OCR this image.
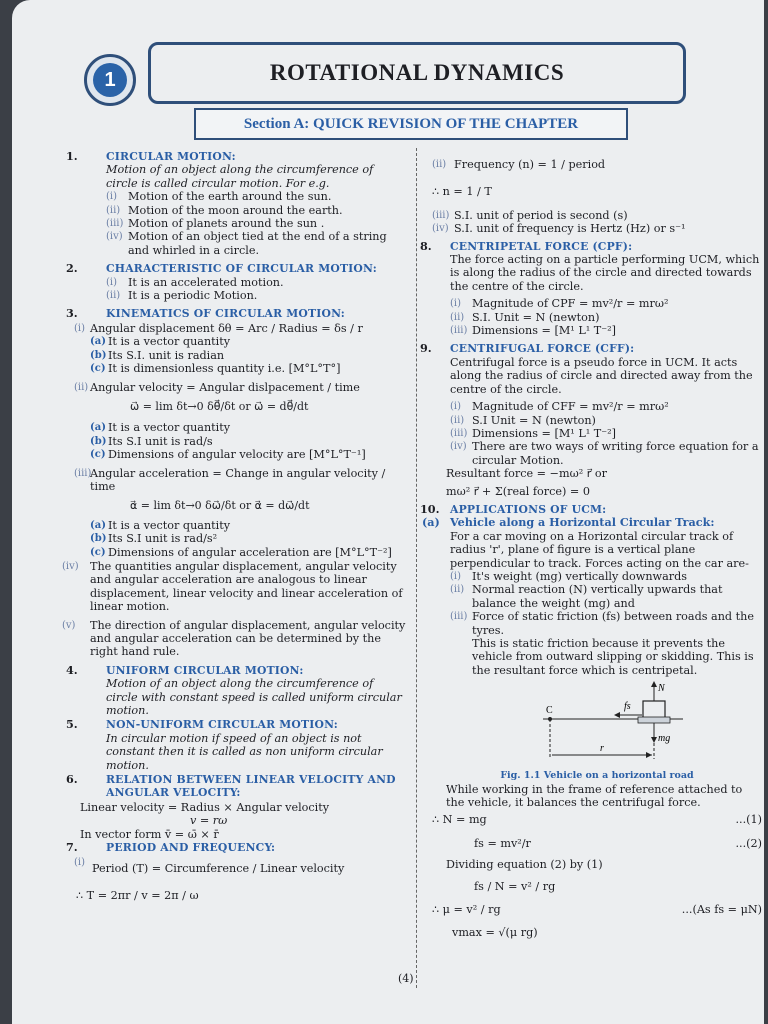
1	ROTATIONAL DYNAMICS
Section A: QUICK REVISION OF THE CHAPTER
1.	CIRCULAR MOTION:
Motion of an object along the circumference of circle is called circular motion. For e.g.
(i) Motion of the earth around the sun.
(ii) Motion of the moon around the earth.
(iii) Motion of planets around the sun .
(iv) Motion of an object tied at the end of a string and whirled in a circle.
2.	CHARACTERISTIC OF CIRCULAR MOTION:
(i) It is an accelerated motion.
(ii) It is a periodic Motion.
3.	KINEMATICS OF CIRCULAR MOTION:
(i) Angular displacement δθ = Arc / Radius = δs / r
(a) It is a vector quantity
(b) Its S.I. unit is radian
(c) It is dimensionless quantity i.e. [M°L°T°]
(ii) Angular velocity = Angular dislpacement / time
ω⃗ = lim δt→0 δθ⃗/δt or ω⃗ = dθ⃗/dt
(a) It is a vector quantity
(b) Its S.I unit is rad/s
(c) Dimensions of angular velocity are [M°L°T⁻¹]
(iii)
Angular acceleration = Change in angular velocity / time
α⃗ = lim δt→0 δω⃗/δt or α⃗ = dω⃗/dt
(a) It is a vector quantity
(b) Its S.I unit is rad/s²
(c) Dimensions of angular acceleration are [M°L°T⁻²]
(iv) The quantities angular displacement, angular velocity and angular acceleration are analogous to linear displacement, linear velocity and linear acceleration of linear motion.
(v) The direction of angular displacement, angular velocity and angular acceleration can be determined by the right hand rule.
4.	UNIFORM CIRCULAR MOTION:
Motion of an object along the circumference of circle with constant speed is called uniform circular motion.
5.	NON-UNIFORM CIRCULAR MOTION:
In circular motion if speed of an object is not constant then it is called as non uniform circular motion.
6.	RELATION BETWEEN LINEAR VELOCITY AND ANGULAR VELOCITY:
Linear velocity = Radius × Angular velocity
v = rω
In vector form v̄ = ω̄ × r̄
7.	PERIOD AND FREQUENCY:
(i) Period (T) = Circumference / Linear velocity
∴ T = 2πr / v = 2π / ω
(ii) Frequency (n) = 1 / period
∴ n = 1 / T
(iii) S.I. unit of period is second (s)
(iv) S.I. unit of frequency is Hertz (Hz) or s⁻¹
8. CENTRIPETAL FORCE (CPF):
The force acting on a particle performing UCM, which is along the radius of the circle and directed towards the centre of the circle.
(i) Magnitude of CPF = mv²/r = mrω²
(ii) S.I. Unit = N (newton)
(iii) Dimensions = [M¹ L¹ T⁻²]
9. CENTRIFUGAL FORCE (CFF):
Centrifugal force is a pseudo force in UCM. It acts along the radius of circle and directed away from the centre of the circle.
(i) Magnitude of CFF = mv²/r = mrω²
(ii) S.I Unit = N (newton)
(iii) Dimensions = [M¹ L¹ T⁻²]
(iv) There are two ways of writing force equation for a circular Motion.
Resultant force = −mω² r⃗ or
mω² r⃗ + Σ(real force) = 0
10. APPLICATIONS OF UCM:
(a) Vehicle along a Horizontal Circular Track:
For a car moving on a Horizontal circular track of radius 'r', plane of figure is a vertical plane perpendicular to track. Forces acting on the car are-
(i) It's weight (mg) vertically downwards
(ii) Normal reaction (N) vertically upwards that balance the weight (mg) and
(iii) Force of static friction (fs) between roads and the tyres.
This is static friction because it prevents the vehicle from outward slipping or skidding. This is the resultant force which is centripetal.
N
C	fs
mg
r
Fig. 1.1 Vehicle on a horizontal road
While working in the frame of reference attached to the vehicle, it balances the centrifugal force.
∴ N = mg	...(1)
fs = mv²/r	...(2)
Dividing equation (2) by (1)
fs / N = v² / rg
∴ μ = v² / rg	...(As fs = μN)
vmax = √(μ rg)
(4)
